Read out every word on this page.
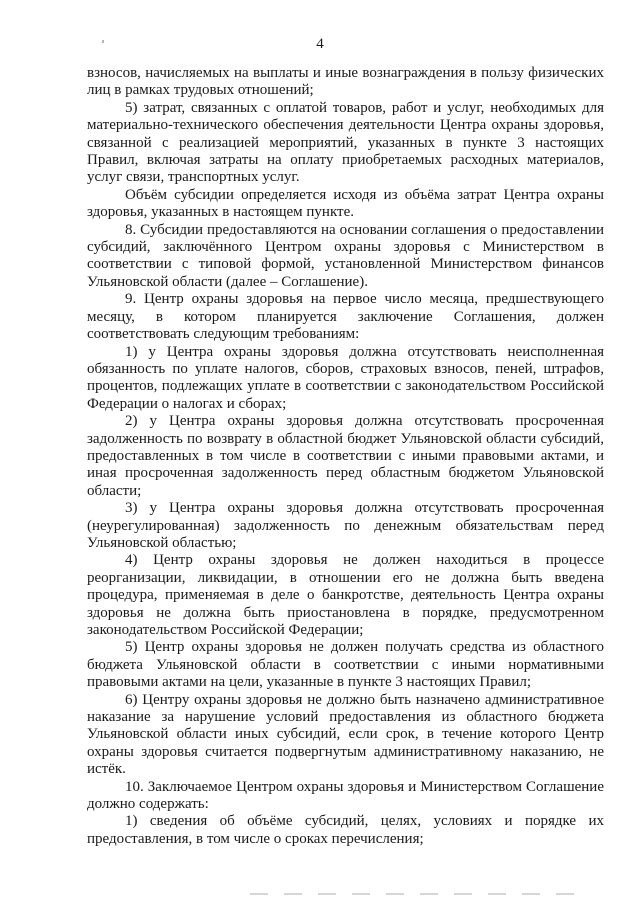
4

взносов, начисляемых на выплаты и иные вознаграждения в пользу физических лиц в рамках трудовых отношений;

5) затрат, связанных с оплатой товаров, работ и услуг, необходимых для материально-технического обеспечения деятельности Центра охраны здоровья, связанной с реализацией мероприятий, указанных в пункте 3 настоящих Правил, включая затраты на оплату приобретаемых расходных материалов, услуг связи, транспортных услуг.

Объём субсидии определяется исходя из объёма затрат Центра охраны здоровья, указанных в настоящем пункте.

8. Субсидии предоставляются на основании соглашения о предоставлении субсидий, заключённого Центром охраны здоровья с Министерством в соответствии с типовой формой, установленной Министерством финансов Ульяновской области (далее – Соглашение).

9. Центр охраны здоровья на первое число месяца, предшествующего месяцу, в котором планируется заключение Соглашения, должен соответствовать следующим требованиям:

1) у Центра охраны здоровья должна отсутствовать неисполненная обязанность по уплате налогов, сборов, страховых взносов, пеней, штрафов, процентов, подлежащих уплате в соответствии с законодательством Российской Федерации о налогах и сборах;

2) у Центра охраны здоровья должна отсутствовать просроченная задолженность по возврату в областной бюджет Ульяновской области субсидий, предоставленных в том числе в соответствии с иными правовыми актами, и иная просроченная задолженность перед областным бюджетом Ульяновской области;

3) у Центра охраны здоровья должна отсутствовать просроченная (неурегулированная) задолженность по денежным обязательствам перед Ульяновской областью;

4) Центр охраны здоровья не должен находиться в процессе реорганизации, ликвидации, в отношении его не должна быть введена процедура, применяемая в деле о банкротстве, деятельность Центра охраны здоровья не должна быть приостановлена в порядке, предусмотренном законодательством Российской Федерации;

5) Центр охраны здоровья не должен получать средства из областного бюджета Ульяновской области в соответствии с иными нормативными правовыми актами на цели, указанные в пункте 3 настоящих Правил;

6) Центру охраны здоровья не должно быть назначено административное наказание за нарушение условий предоставления из областного бюджета Ульяновской области иных субсидий, если срок, в течение которого Центр охраны здоровья считается подвергнутым административному наказанию, не истёк.

10. Заключаемое Центром охраны здоровья и Министерством Соглашение должно содержать:

1) сведения об объёме субсидий, целях, условиях и порядке их предоставления, в том числе о сроках перечисления;
